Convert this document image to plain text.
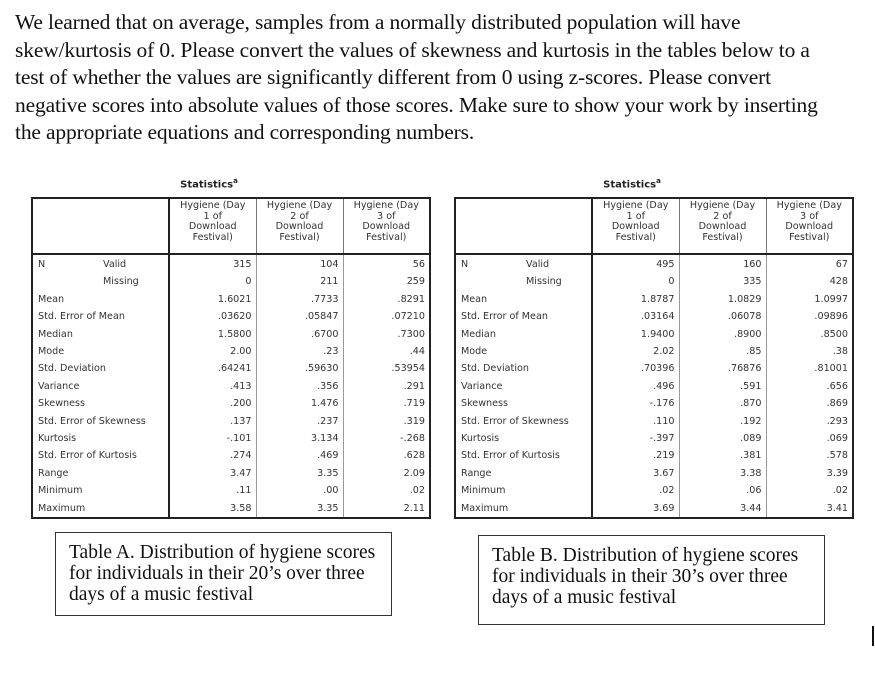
We learned that on average, samples from a normally distributed population will have
skew/kurtosis of 0. Please convert the values of skewness and kurtosis in the tables below to a
test of whether the values are significantly different from 0 using z-scores. Please convert
negative scores into absolute values of those scores. Make sure to show your work by inserting
the appropriate equations and corresponding numbers.
Statistics$^a$

Hygiene (Day
1 of
Download
Festival)

Hygiene (Day
2 of
Download
Festival)

Hygiene (Day
3 of
Download
Festival)

N	Valid	315	104	56
	Missing	0	211	259
Mean		1.6021	.7733	.8291
Std. Error of Mean		.03620	.05847	.07210
Median		1.5800	.6700	.7300
Mode		2.00	.23	.44
Std. Deviation		.64241	.59630	.53954
Variance		.413	.356	.291
Skewness		.200	1.476	.719
Std. Error of Skewness		.137	.237	.319
Kurtosis		-.101	3.134	-.268
Std. Error of Kurtosis		.274	.469	.628
Range		3.47	3.35	2.09
Minimum		.11	.00	.02
Maximum		3.58	3.35	2.11
Statistics$^a$

Hygiene (Day
1 of
Download
Festival)

Hygiene (Day
2 of
Download
Festival)

Hygiene (Day
3 of
Download
Festival)

N	Valid	495	160	67
	Missing	0	335	428
Mean		1.8787	1.0829	1.0997
Std. Error of Mean		.03164	.06078	.09896
Median		1.9400	.8900	.8500
Mode		2.02	.85	.38
Std. Deviation		.70396	.76876	.81001
Variance		.496	.591	.656
Skewness		-.176	.870	.869
Std. Error of Skewness		.110	.192	.293
Kurtosis		-.397	.089	.069
Std. Error of Kurtosis		.219	.381	.578
Range		3.67	3.38	3.39
Minimum		.02	.06	.02
Maximum		3.69	3.44	3.41
Table A. Distribution of hygiene scores
for individuals in their 20’s over three
days of a music festival
Table B. Distribution of hygiene scores
for individuals in their 30’s over three
days of a music festival
